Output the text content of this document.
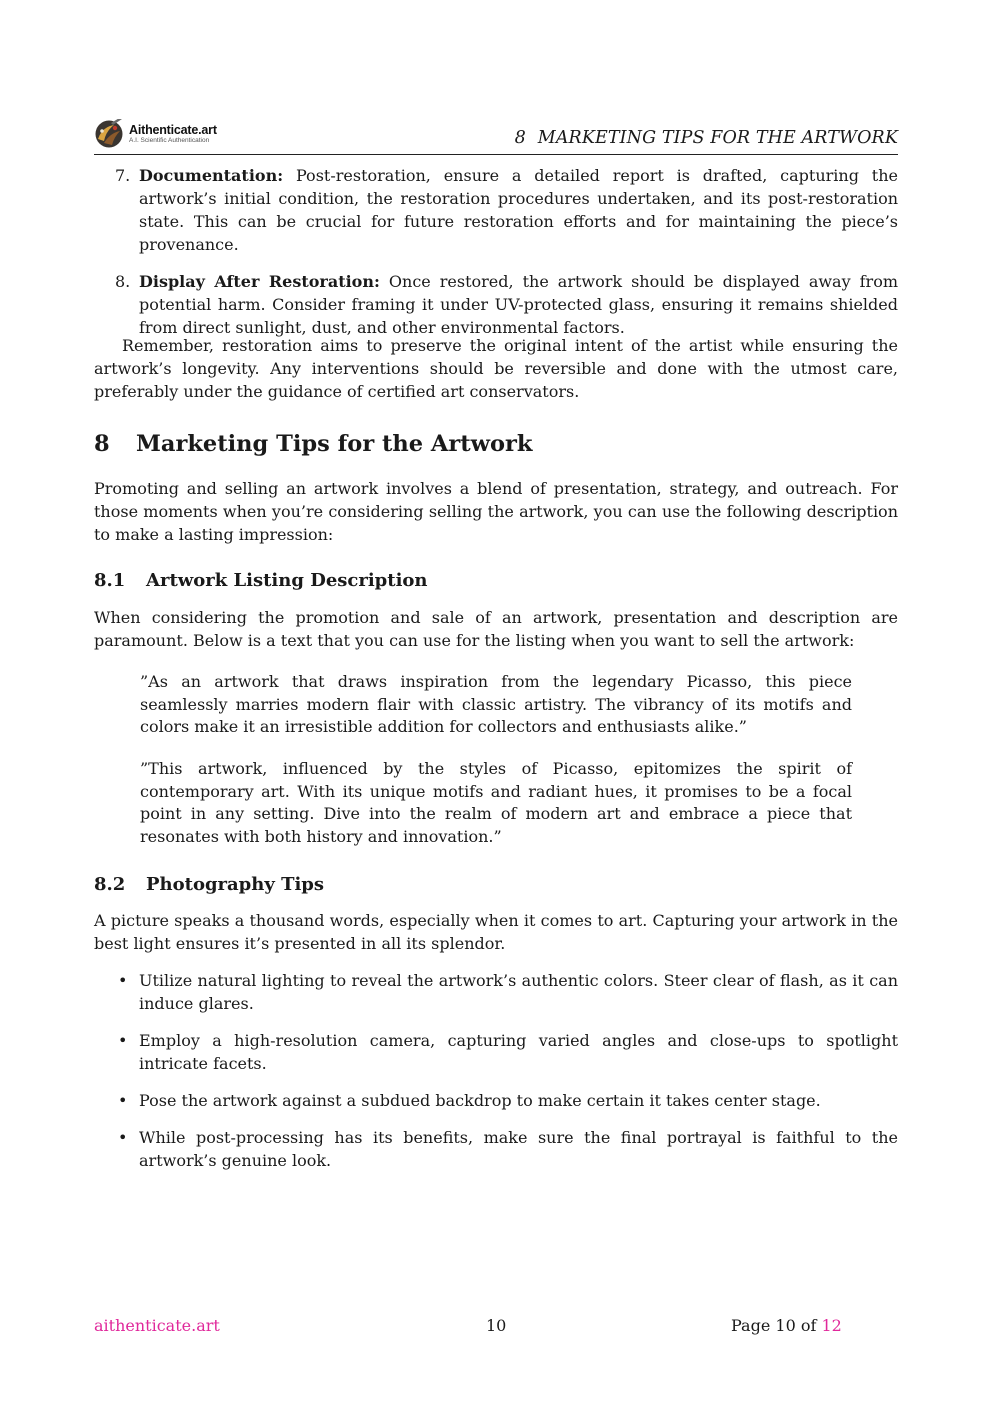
Aithenticate.art
A.I. Scientific Authentication	8 MARKETING TIPS FOR THE ARTWORK
7. Documentation: Post-restoration, ensure a detailed report is drafted, capturing the artwork’s initial condition, the restoration procedures undertaken, and its post-restoration state. This can be crucial for future restoration efforts and for maintaining the piece’s provenance.
8. Display After Restoration: Once restored, the artwork should be displayed away from potential harm. Consider framing it under UV-protected glass, ensuring it remains shielded from direct sunlight, dust, and other environmental factors.

Remember, restoration aims to preserve the original intent of the artist while ensuring the artwork’s longevity. Any interventions should be reversible and done with the utmost care, preferably under the guidance of certified art conservators.

8 Marketing Tips for the Artwork

Promoting and selling an artwork involves a blend of presentation, strategy, and outreach. For those moments when you’re considering selling the artwork, you can use the following description to make a lasting impression:

8.1 Artwork Listing Description

When considering the promotion and sale of an artwork, presentation and description are paramount. Below is a text that you can use for the listing when you want to sell the artwork:

”As an artwork that draws inspiration from the legendary Picasso, this piece seamlessly marries modern flair with classic artistry. The vibrancy of its motifs and colors make it an irresistible addition for collectors and enthusiasts alike.”

”This artwork, influenced by the styles of Picasso, epitomizes the spirit of contemporary art. With its unique motifs and radiant hues, it promises to be a focal point in any setting. Dive into the realm of modern art and embrace a piece that resonates with both history and innovation.”

8.2 Photography Tips

A picture speaks a thousand words, especially when it comes to art. Capturing your artwork in the best light ensures it’s presented in all its splendor.

• Utilize natural lighting to reveal the artwork’s authentic colors. Steer clear of flash, as it can induce glares.
• Employ a high-resolution camera, capturing varied angles and close-ups to spotlight intricate facets.
• Pose the artwork against a subdued backdrop to make certain it takes center stage.
• While post-processing has its benefits, make sure the final portrayal is faithful to the artwork’s genuine look.
aithenticate.art	10	Page 10 of 12
